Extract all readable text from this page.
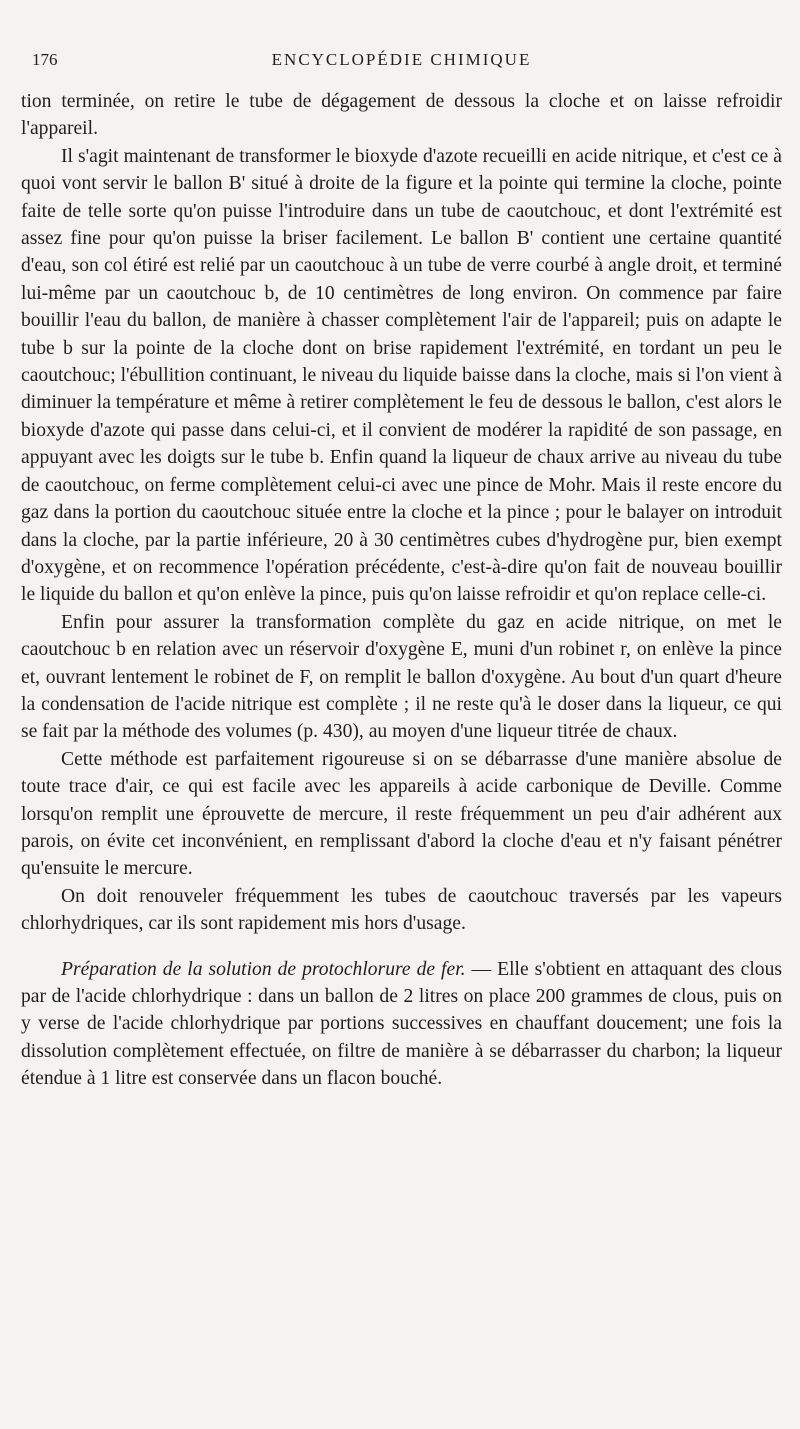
176	ENCYCLOPÉDIE CHIMIQUE

tion terminée, on retire le tube de dégagement de dessous la cloche et on laisse refroidir l'appareil.

Il s'agit maintenant de transformer le bioxyde d'azote recueilli en acide nitrique, et c'est ce à quoi vont servir le ballon B' situé à droite de la figure et la pointe qui termine la cloche, pointe faite de telle sorte qu'on puisse l'introduire dans un tube de caoutchouc, et dont l'extrémité est assez fine pour qu'on puisse la briser facilement. Le ballon B' contient une certaine quantité d'eau, son col étiré est relié par un caoutchouc à un tube de verre courbé à angle droit, et terminé lui-même par un caoutchouc b, de 10 centimètres de long environ. On commence par faire bouillir l'eau du ballon, de manière à chasser complètement l'air de l'appareil; puis on adapte le tube b sur la pointe de la cloche dont on brise rapidement l'extrémité, en tordant un peu le caoutchouc; l'ébullition continuant, le niveau du liquide baisse dans la cloche, mais si l'on vient à diminuer la température et même à retirer complètement le feu de dessous le ballon, c'est alors le bioxyde d'azote qui passe dans celui-ci, et il convient de modérer la rapidité de son passage, en appuyant avec les doigts sur le tube b. Enfin quand la liqueur de chaux arrive au niveau du tube de caoutchouc, on ferme complètement celui-ci avec une pince de Mohr. Mais il reste encore du gaz dans la portion du caoutchouc située entre la cloche et la pince ; pour le balayer on introduit dans la cloche, par la partie inférieure, 20 à 30 centimètres cubes d'hydrogène pur, bien exempt d'oxygène, et on recommence l'opération précédente, c'est-à-dire qu'on fait de nouveau bouillir le liquide du ballon et qu'on enlève la pince, puis qu'on laisse refroidir et qu'on replace celle-ci.

Enfin pour assurer la transformation complète du gaz en acide nitrique, on met le caoutchouc b en relation avec un réservoir d'oxygène E, muni d'un robinet r, on enlève la pince et, ouvrant lentement le robinet de F, on remplit le ballon d'oxygène. Au bout d'un quart d'heure la condensation de l'acide nitrique est complète ; il ne reste qu'à le doser dans la liqueur, ce qui se fait par la méthode des volumes (p. 430), au moyen d'une liqueur titrée de chaux.

Cette méthode est parfaitement rigoureuse si on se débarrasse d'une manière absolue de toute trace d'air, ce qui est facile avec les appareils à acide carbonique de Deville. Comme lorsqu'on remplit une éprouvette de mercure, il reste fréquemment un peu d'air adhérent aux parois, on évite cet inconvénient, en remplissant d'abord la cloche d'eau et n'y faisant pénétrer qu'ensuite le mercure.

On doit renouveler fréquemment les tubes de caoutchouc traversés par les vapeurs chlorhydriques, car ils sont rapidement mis hors d'usage.

Préparation de la solution de protochlorure de fer. — Elle s'obtient en attaquant des clous par de l'acide chlorhydrique : dans un ballon de 2 litres on place 200 grammes de clous, puis on y verse de l'acide chlorhydrique par portions successives en chauffant doucement; une fois la dissolution complètement effectuée, on filtre de manière à se débarrasser du charbon; la liqueur étendue à 1 litre est conservée dans un flacon bouché.
